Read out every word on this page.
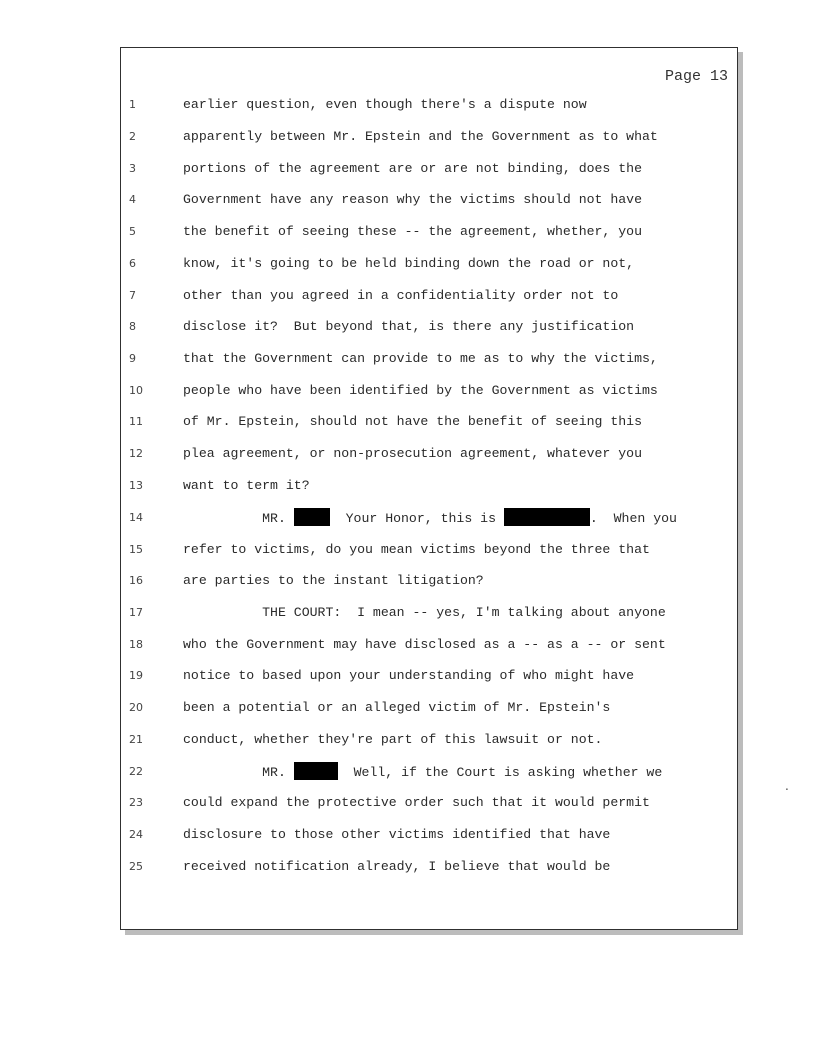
Page 13
1	earlier question, even though there's a dispute now
2	apparently between Mr. Epstein and the Government as to what
3	portions of the agreement are or are not binding, does the
4	Government have any reason why the victims should not have
5	the benefit of seeing these -- the agreement, whether, you
6	know, it's going to be held binding down the road or not,
7	other than you agreed in a confidentiality order not to
8	disclose it?  But beyond that, is there any justification
9	that the Government can provide to me as to why the victims,
10	people who have been identified by the Government as victims
11	of Mr. Epstein, should not have the benefit of seeing this
12	plea agreement, or non-prosecution agreement, whatever you
13	want to term it?
14	MR.	Your Honor, this is	.  When you
15	refer to victims, do you mean victims beyond the three that
16	are parties to the instant litigation?
17	THE COURT:  I mean -- yes, I'm talking about anyone
18	who the Government may have disclosed as a -- as a -- or sent
19	notice to based upon your understanding of who might have
20	been a potential or an alleged victim of Mr. Epstein's
21	conduct, whether they're part of this lawsuit or not.
22	MR.	Well, if the Court is asking whether we
23	could expand the protective order such that it would permit
24	disclosure to those other victims identified that have
25	received notification already, I believe that would be
.
